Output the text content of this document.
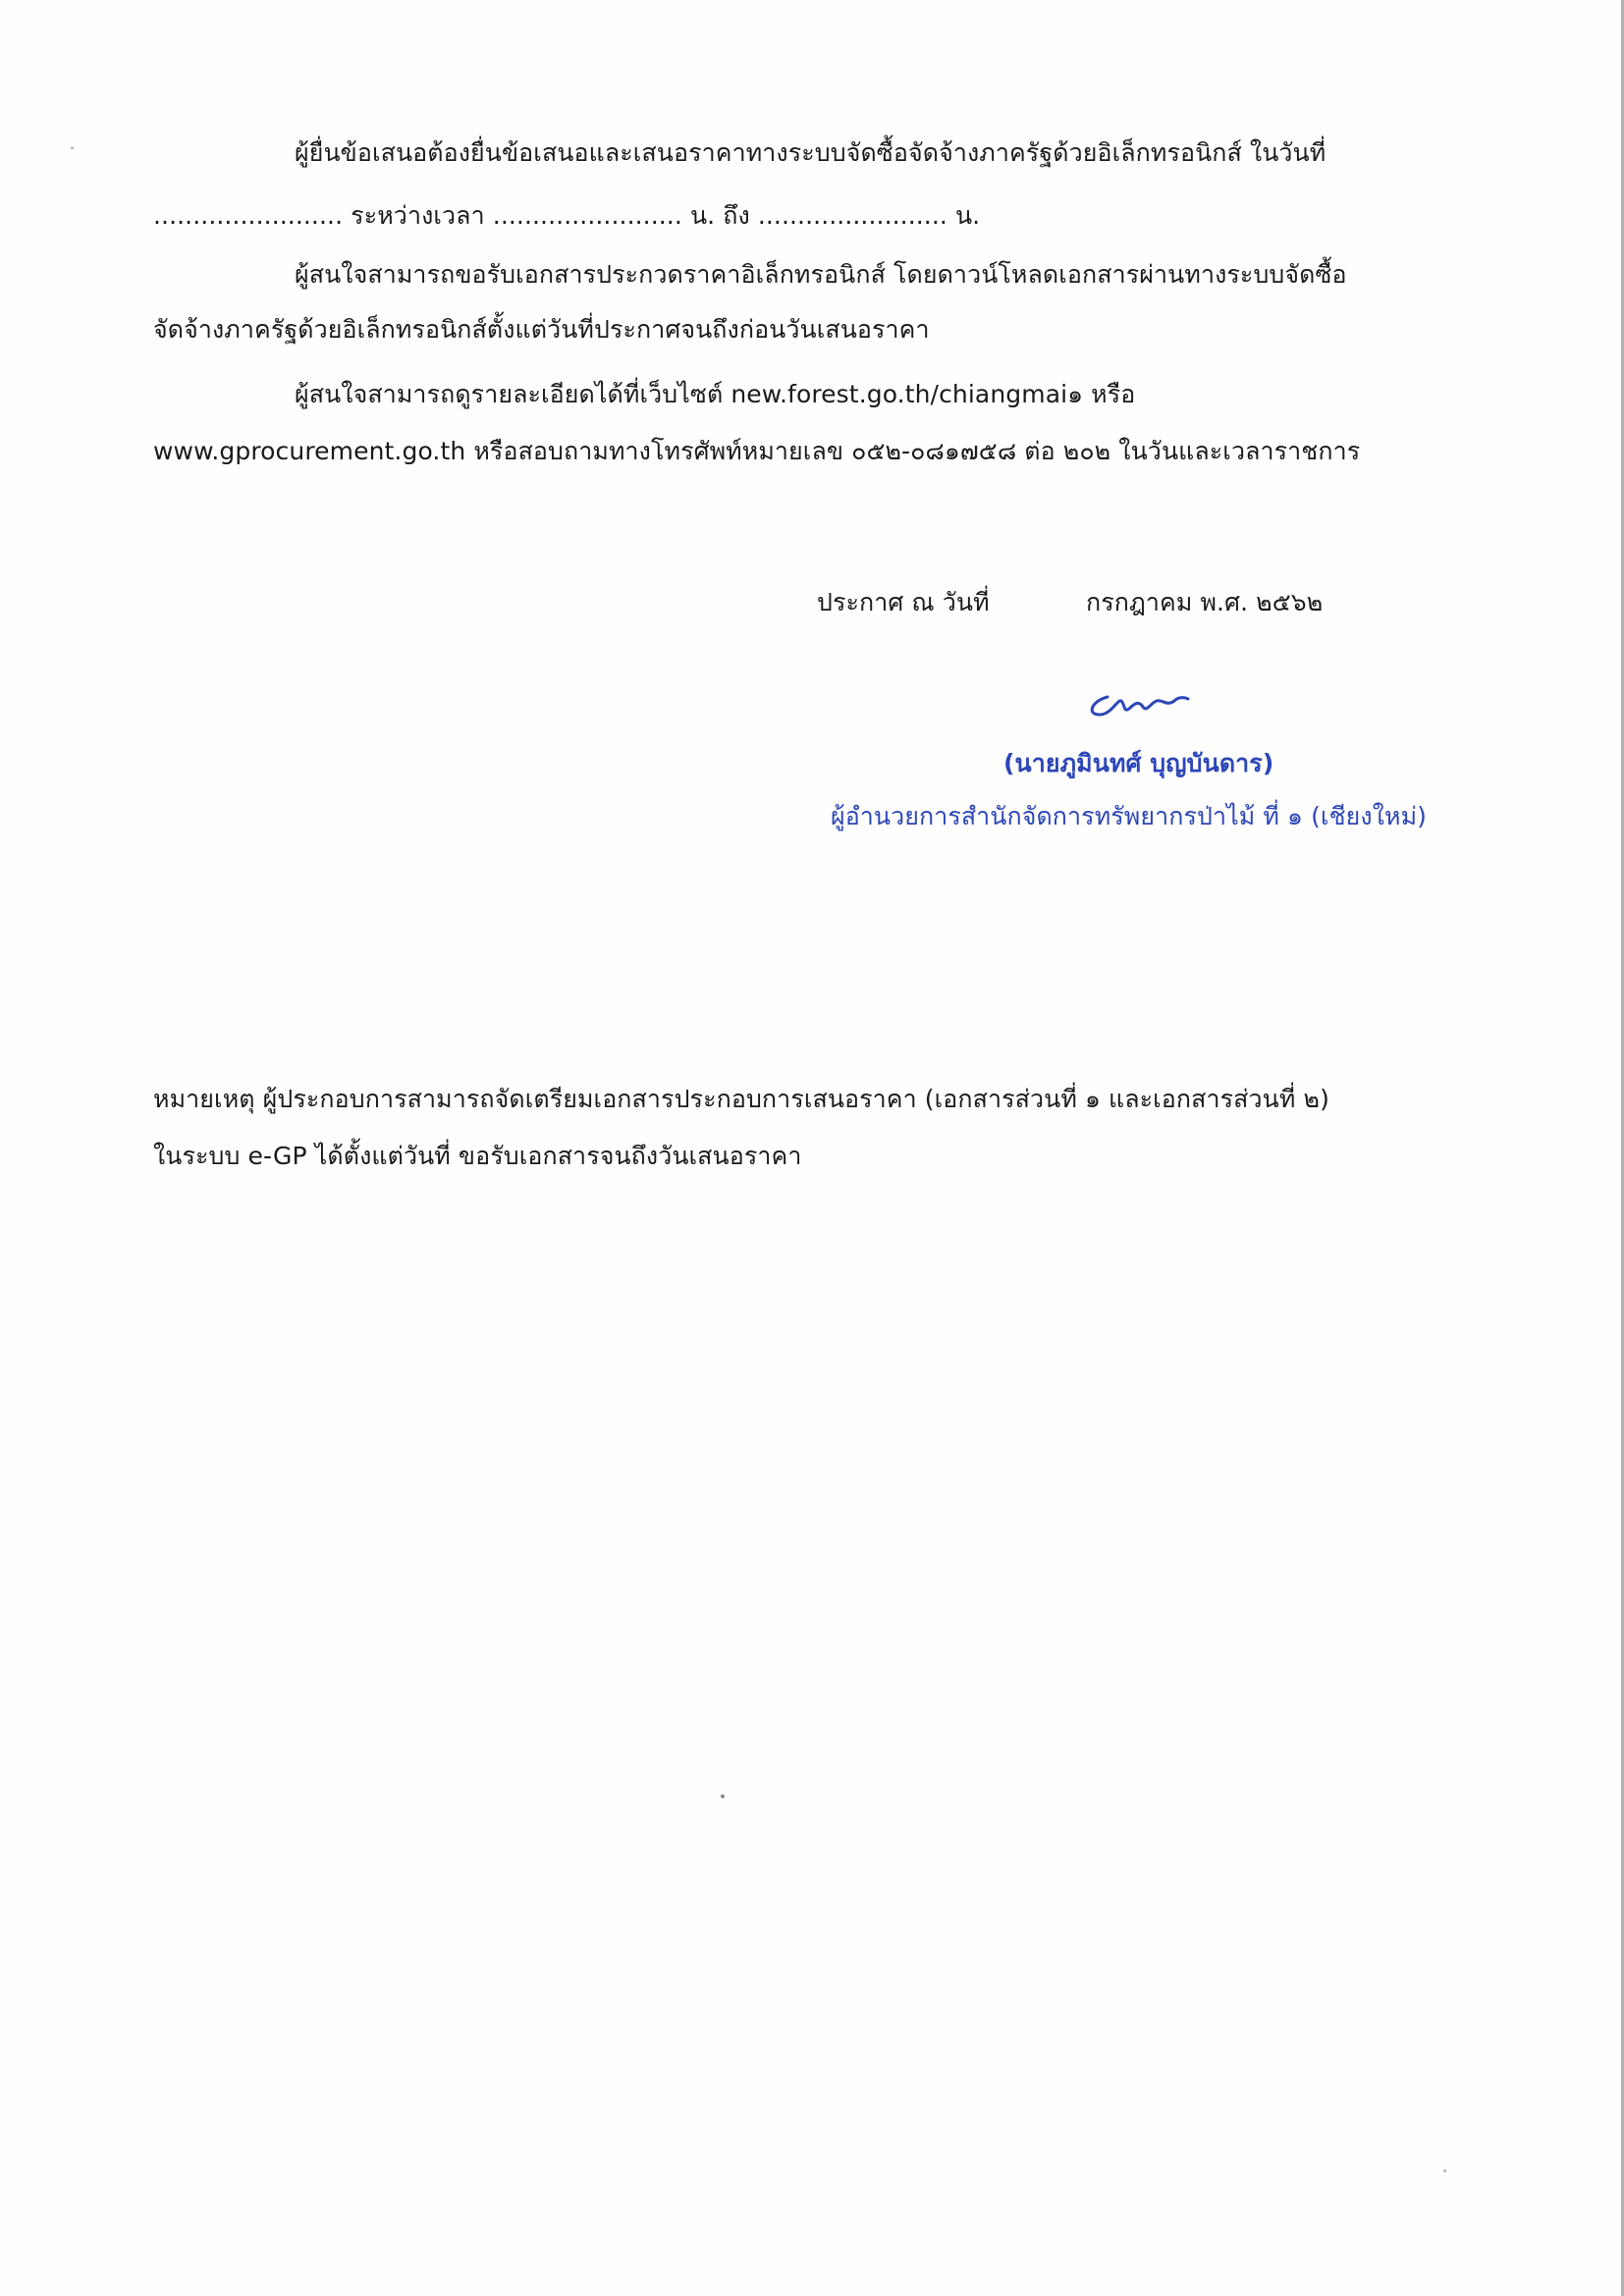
ผู้ยื่นข้อเสนอต้องยื่นข้อเสนอและเสนอราคาทางระบบจัดซื้อจัดจ้างภาครัฐด้วยอิเล็กทรอนิกส์ ในวันที่
........................ ระหว่างเวลา ........................ น. ถึง ........................ น.
ผู้สนใจสามารถขอรับเอกสารประกวดราคาอิเล็กทรอนิกส์ โดยดาวน์โหลดเอกสารผ่านทางระบบจัดซื้อ
จัดจ้างภาครัฐด้วยอิเล็กทรอนิกส์ตั้งแต่วันที่ประกาศจนถึงก่อนวันเสนอราคา
ผู้สนใจสามารถดูรายละเอียดได้ที่เว็บไซต์ new.forest.go.th/chiangmai๑ หรือ
www.gprocurement.go.th หรือสอบถามทางโทรศัพท์หมายเลข ๐๕๒-๐๘๑๗๕๘ ต่อ ๒๐๒ ในวันและเวลาราชการ
ประกาศ ณ วันที่	กรกฎาคม พ.ศ. ๒๕๖๒
(นายภูมินทศ์ บุญบันดาร)
ผู้อำนวยการสำนักจัดการทรัพยากรป่าไม้ ที่ ๑ (เชียงใหม่)
หมายเหตุ ผู้ประกอบการสามารถจัดเตรียมเอกสารประกอบการเสนอราคา (เอกสารส่วนที่ ๑ และเอกสารส่วนที่ ๒)
ในระบบ e-GP ได้ตั้งแต่วันที่ ขอรับเอกสารจนถึงวันเสนอราคา
